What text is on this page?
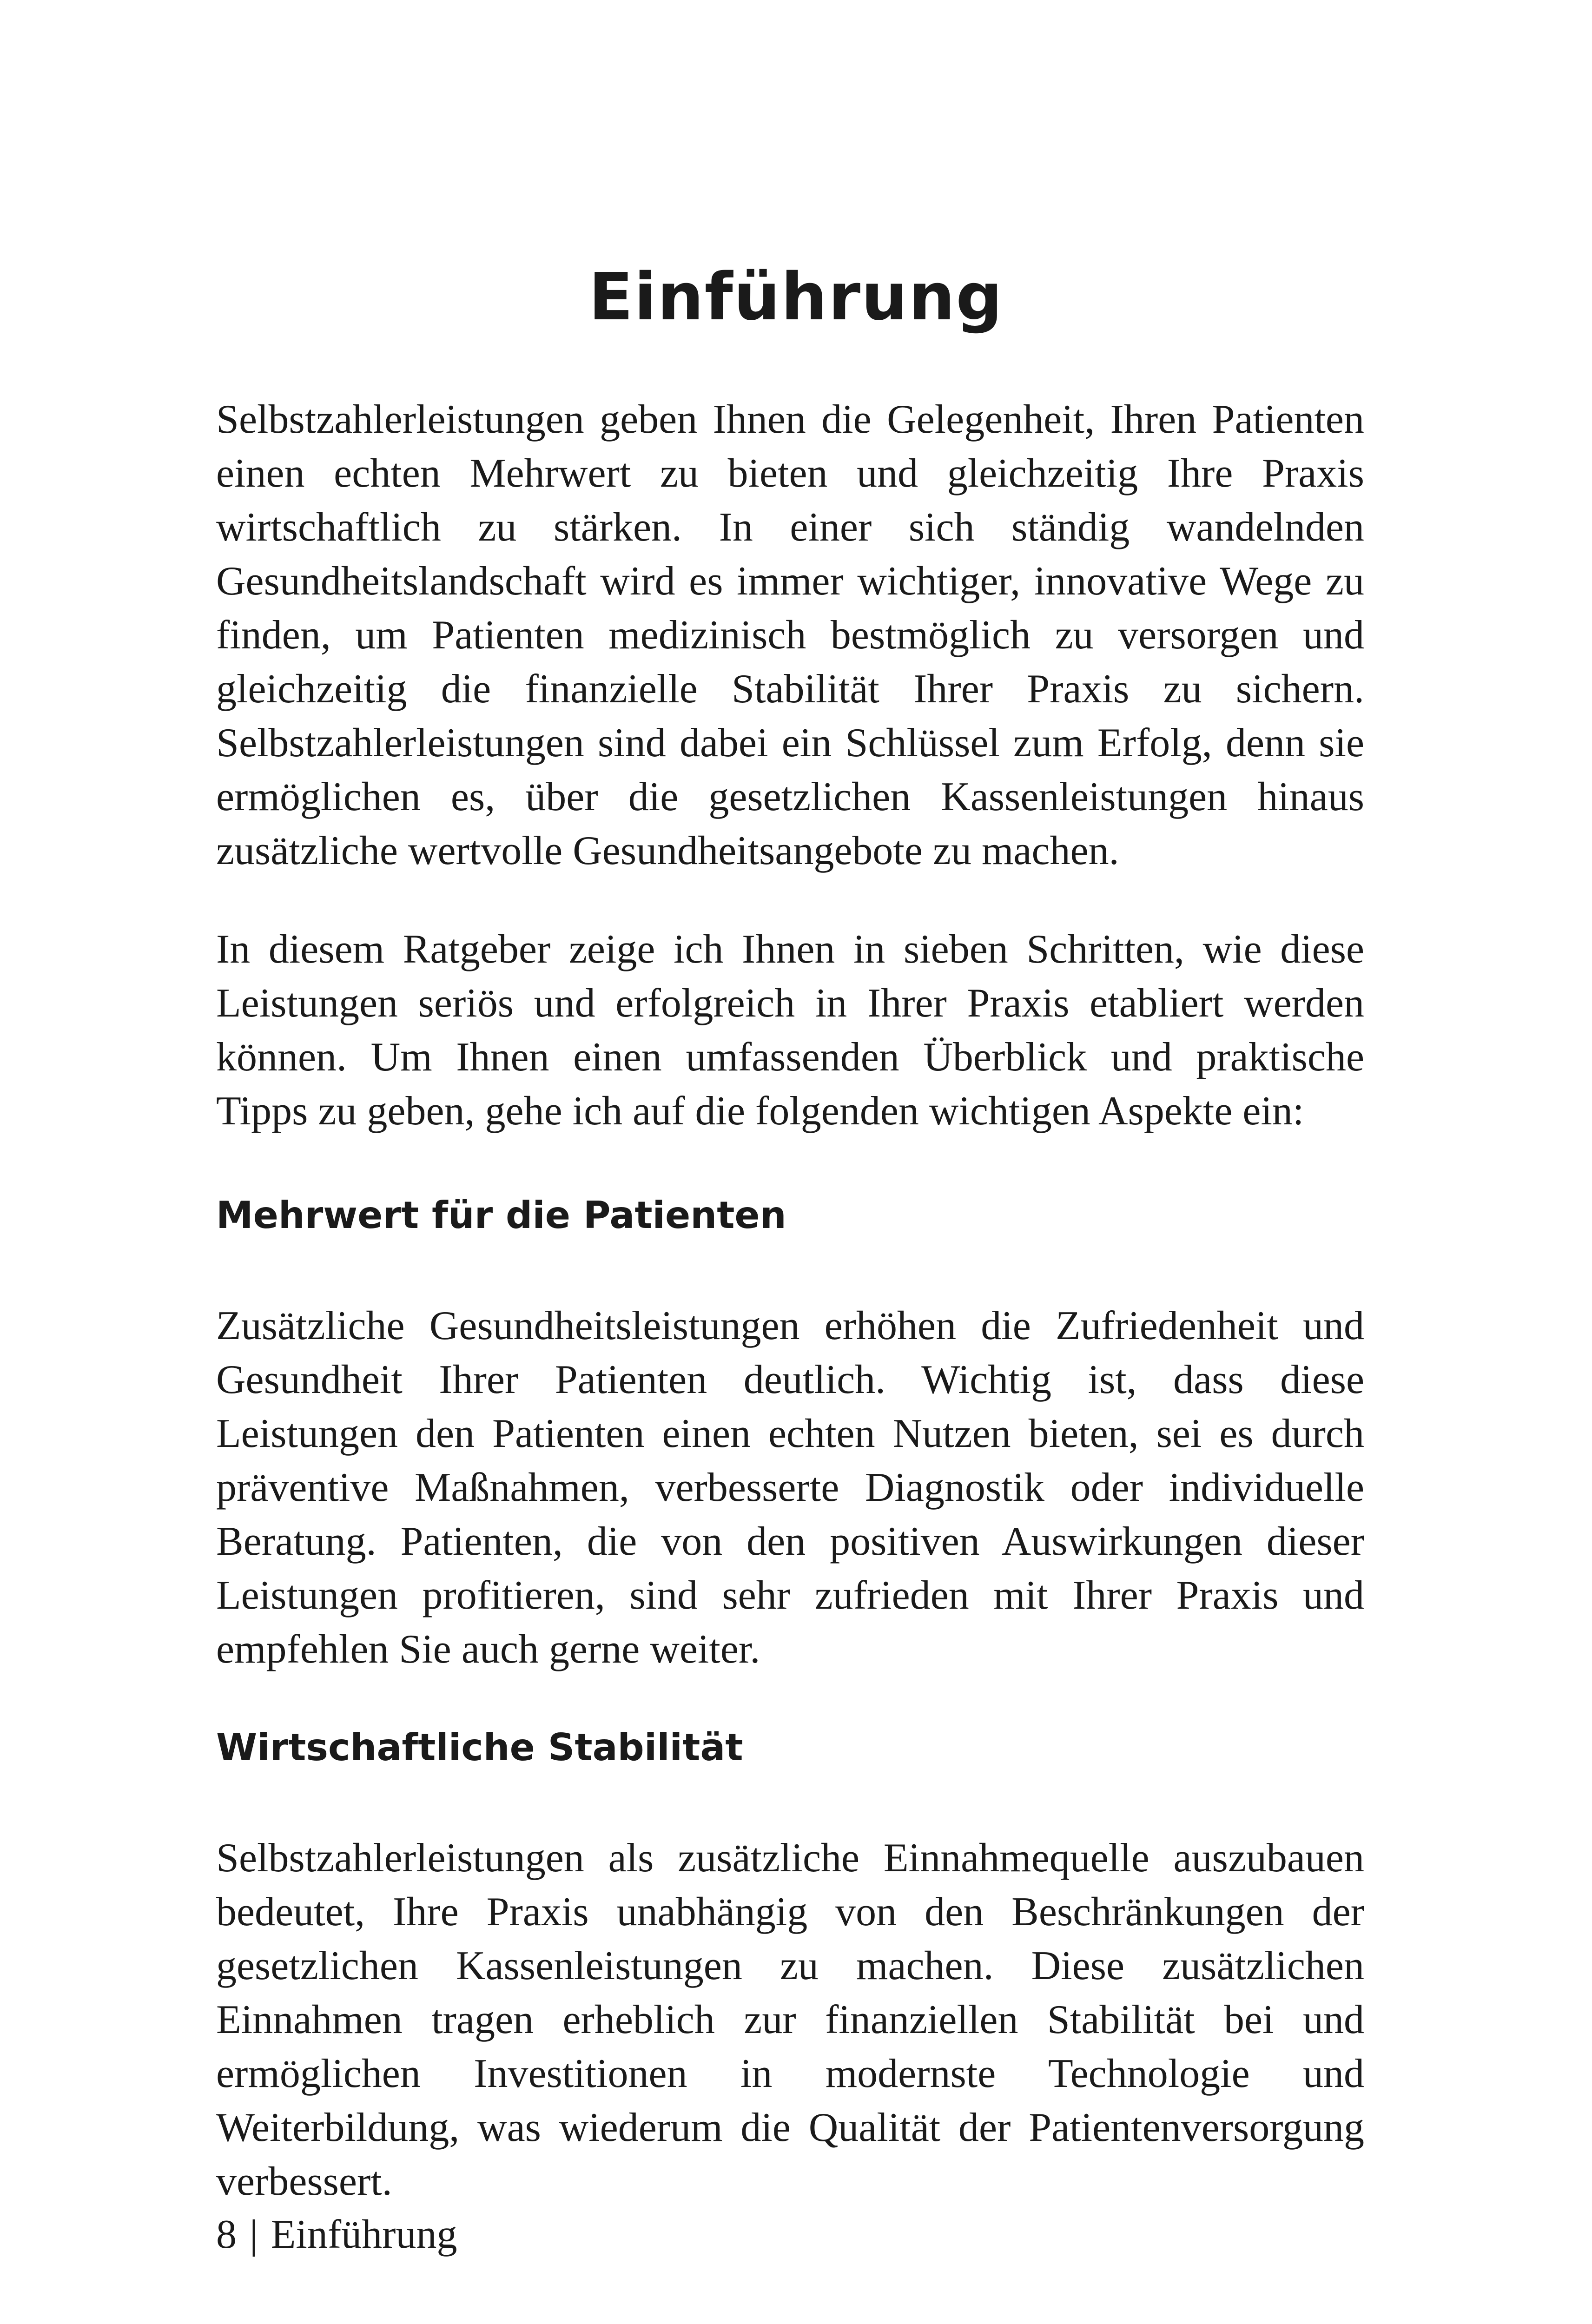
Einführung

Selbstzahlerleistungen geben Ihnen die Gelegenheit, Ihren Patienten einen echten Mehrwert zu bieten und gleichzeitig Ihre Praxis wirtschaftlich zu stärken. In einer sich ständig wandelnden Gesundheitslandschaft wird es immer wichtiger, innovative Wege zu finden, um Patienten medizinisch bestmöglich zu versorgen und gleichzeitig die finanzielle Stabilität Ihrer Praxis zu sichern. Selbstzahlerleistungen sind dabei ein Schlüssel zum Erfolg, denn sie ermöglichen es, über die gesetzlichen Kassenleistungen hinaus zusätzliche wertvolle Gesundheitsangebote zu machen.

In diesem Ratgeber zeige ich Ihnen in sieben Schritten, wie diese Leistungen seriös und erfolgreich in Ihrer Praxis etabliert werden können. Um Ihnen einen umfassenden Überblick und praktische Tipps zu geben, gehe ich auf die folgenden wichtigen Aspekte ein:

Mehrwert für die Patienten

Zusätzliche Gesundheitsleistungen erhöhen die Zufriedenheit und Gesundheit Ihrer Patienten deutlich. Wichtig ist, dass diese Leistungen den Patienten einen echten Nutzen bieten, sei es durch präventive Maßnahmen, verbesserte Diagnostik oder individuelle Beratung. Patienten, die von den positiven Auswirkungen dieser Leistungen profitieren, sind sehr zufrieden mit Ihrer Praxis und empfehlen Sie auch gerne weiter.

Wirtschaftliche Stabilität

Selbstzahlerleistungen als zusätzliche Einnahmequelle auszubauen bedeutet, Ihre Praxis unabhängig von den Beschränkungen der gesetzlichen Kassenleistungen zu machen. Diese zusätzlichen Einnahmen tragen erheblich zur finanziellen Stabilität bei und ermöglichen Investitionen in modernste Technologie und Weiterbildung, was wiederum die Qualität der Patientenversorgung verbessert.

8 | Einführung
